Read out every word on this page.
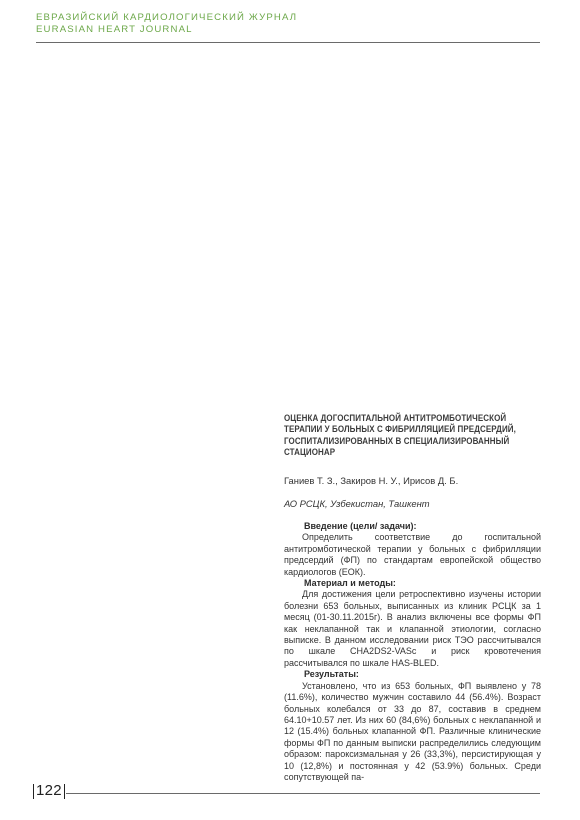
ЕВРАЗИЙСКИЙ КАРДИОЛОГИЧЕСКИЙ ЖУРНАЛ
EURASIAN HEART JOURNAL
ОЦЕНКА ДОГОСПИТАЛЬНОЙ АНТИТРОМБОТИЧЕСКОЙ
ТЕРАПИИ У БОЛЬНЫХ С ФИБРИЛЛЯЦИЕЙ ПРЕДСЕРДИЙ,
ГОСПИТАЛИЗИРОВАННЫХ В СПЕЦИАЛИЗИРОВАННЫЙ
СТАЦИОНАР
Ганиев Т. З., Закиров Н. У., Ирисов Д. Б.
АО РСЦК, Узбекистан, Ташкент
Введение (цели/ задачи):

Определить соответствие до госпитальной антитромботической терапии у больных с фибрилляции предсердий (ФП) по стандартам европейской общество кардиологов (ЕОК).

Материал и методы:

Для достижения цели ретроспективно изучены истории болезни 653 больных, выписанных из клиник РСЦК за 1 месяц (01-30.11.2015г). В анализ включены все формы ФП как неклапанной так и клапанной этиологии, согласно выписке. В данном исследовании риск ТЭО рассчитывался по шкале CHA2DS2-VASc и риск кровотечения рассчитывался по шкале HAS-BLED.

Результаты:

Установлено, что из 653 больных, ФП выявлено у 78 (11.6%), количество мужчин составило 44 (56.4%). Возраст больных колебался от 33 до 87, составив в среднем 64.10+10.57 лет. Из них 60 (84,6%) больных с неклапанной и 12 (15.4%) больных клапанной ФП. Различные клинические формы ФП по данным выписки распределились следующим образом: пароксизмальная у 26 (33,3%), персистирующая у 10 (12,8%) и постоянная у 42 (53.9%) больных. Среди сопутствующей па-

122
